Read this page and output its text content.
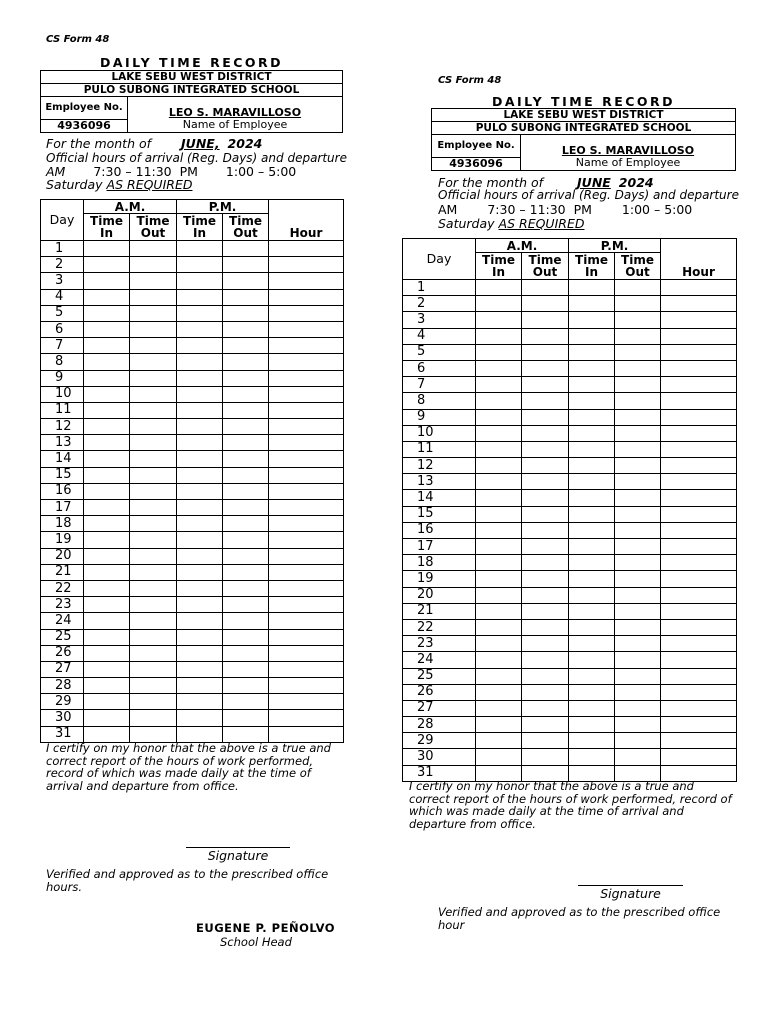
CS Form 48
DAILY TIME RECORD
LAKE SEBU WEST DISTRICT
PULO SUBONG INTEGRATED SCHOOL
Employee No.	LEO S. MARAVILLOSO
Name of Employee

4936096
For the month of JUNE, 2024
Official hours of arrival (Reg. Days) and departure
AM 7:30 – 11:30 PM 1:00 – 5:00
Saturday AS REQUIRED
Day	A.M.		P.M.		Hour
	Time In	Time Out	Time In	Time Out	
1					
2					
3					
4					
5					
6					
7					
8					
9					
10					
11					
12					
13					
14					
15					
16					
17					
18					
19					
20					
21					
22					
23					
24					
25					
26					
27					
28					
29					
30					
31					
I certify on my honor that the above is a true and correct report of the hours of work performed, record of which was made daily at the time of arrival and departure from office.
Signature
Verified and approved as to the prescribed office hours.
EUGENE P. PEÑOLVO
School Head
CS Form 48
DAILY TIME RECORD
LAKE SEBU WEST DISTRICT
PULO SUBONG INTEGRATED SCHOOL
Employee No.	LEO S. MARAVILLOSO
Name of Employee

4936096
For the month of	JUNE 2024
Official hours of arrival (Reg. Days) and departure
AM 7:30 – 11:30 PM 1:00 – 5:00
Saturday AS REQUIRED
Day	A.M.		P.M.		Hour
	Time In	Time Out	Time In	Time Out	
1					
2					
3					
4					
5					
6					
7					
8					
9					
10					
11					
12					
13					
14					
15					
16					
17					
18					
19					
20					
21					
22					
23					
24					
25					
26					
27					
28					
29					
30					
31					
I certify on my honor that the above is a true and correct report of the hours of work performed, record of which was made daily at the time of arrival and departure from office.
Signature
Verified and approved as to the prescribed office hour
